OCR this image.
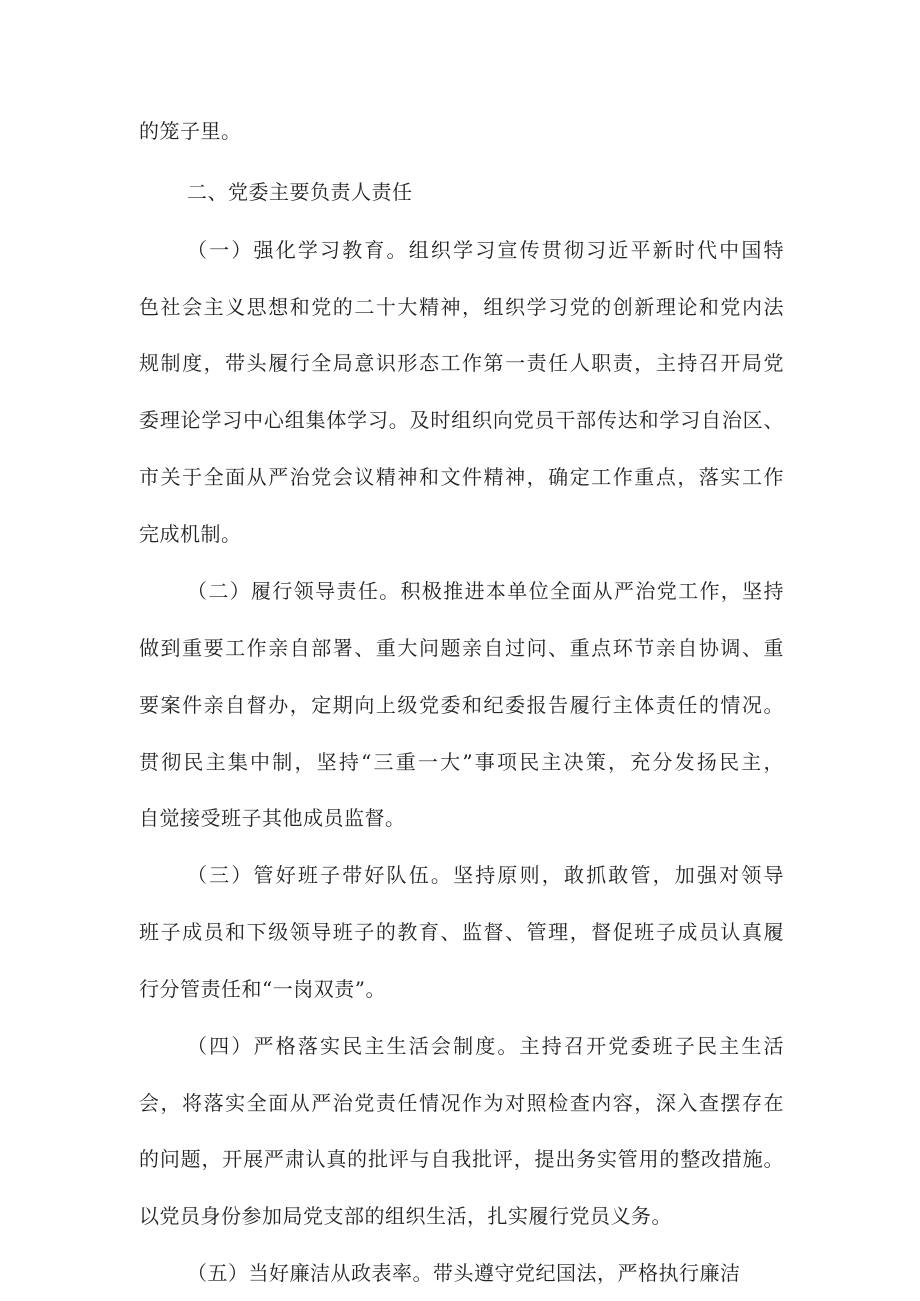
的笼子里。
二、党委主要负责人责任
（一）强化学习教育。组织学习宣传贯彻习近平新时代中国特
色社会主义思想和党的二十大精神，组织学习党的创新理论和党内法
规制度，带头履行全局意识形态工作第一责任人职责，主持召开局党
委理论学习中心组集体学习。及时组织向党员干部传达和学习自治区、
市关于全面从严治党会议精神和文件精神，确定工作重点，落实工作
完成机制。
（二）履行领导责任。积极推进本单位全面从严治党工作，坚持
做到重要工作亲自部署、重大问题亲自过问、重点环节亲自协调、重
要案件亲自督办，定期向上级党委和纪委报告履行主体责任的情况。
贯彻民主集中制，坚持“三重一大”事项民主决策，充分发扬民主，
自觉接受班子其他成员监督。
（三）管好班子带好队伍。坚持原则，敢抓敢管，加强对领导
班子成员和下级领导班子的教育、监督、管理，督促班子成员认真履
行分管责任和“一岗双责”。
（四）严格落实民主生活会制度。主持召开党委班子民主生活
会，将落实全面从严治党责任情况作为对照检查内容，深入查摆存在
的问题，开展严肃认真的批评与自我批评，提出务实管用的整改措施。
以党员身份参加局党支部的组织生活，扎实履行党员义务。
（五）当好廉洁从政表率。带头遵守党纪国法，严格执行廉洁
